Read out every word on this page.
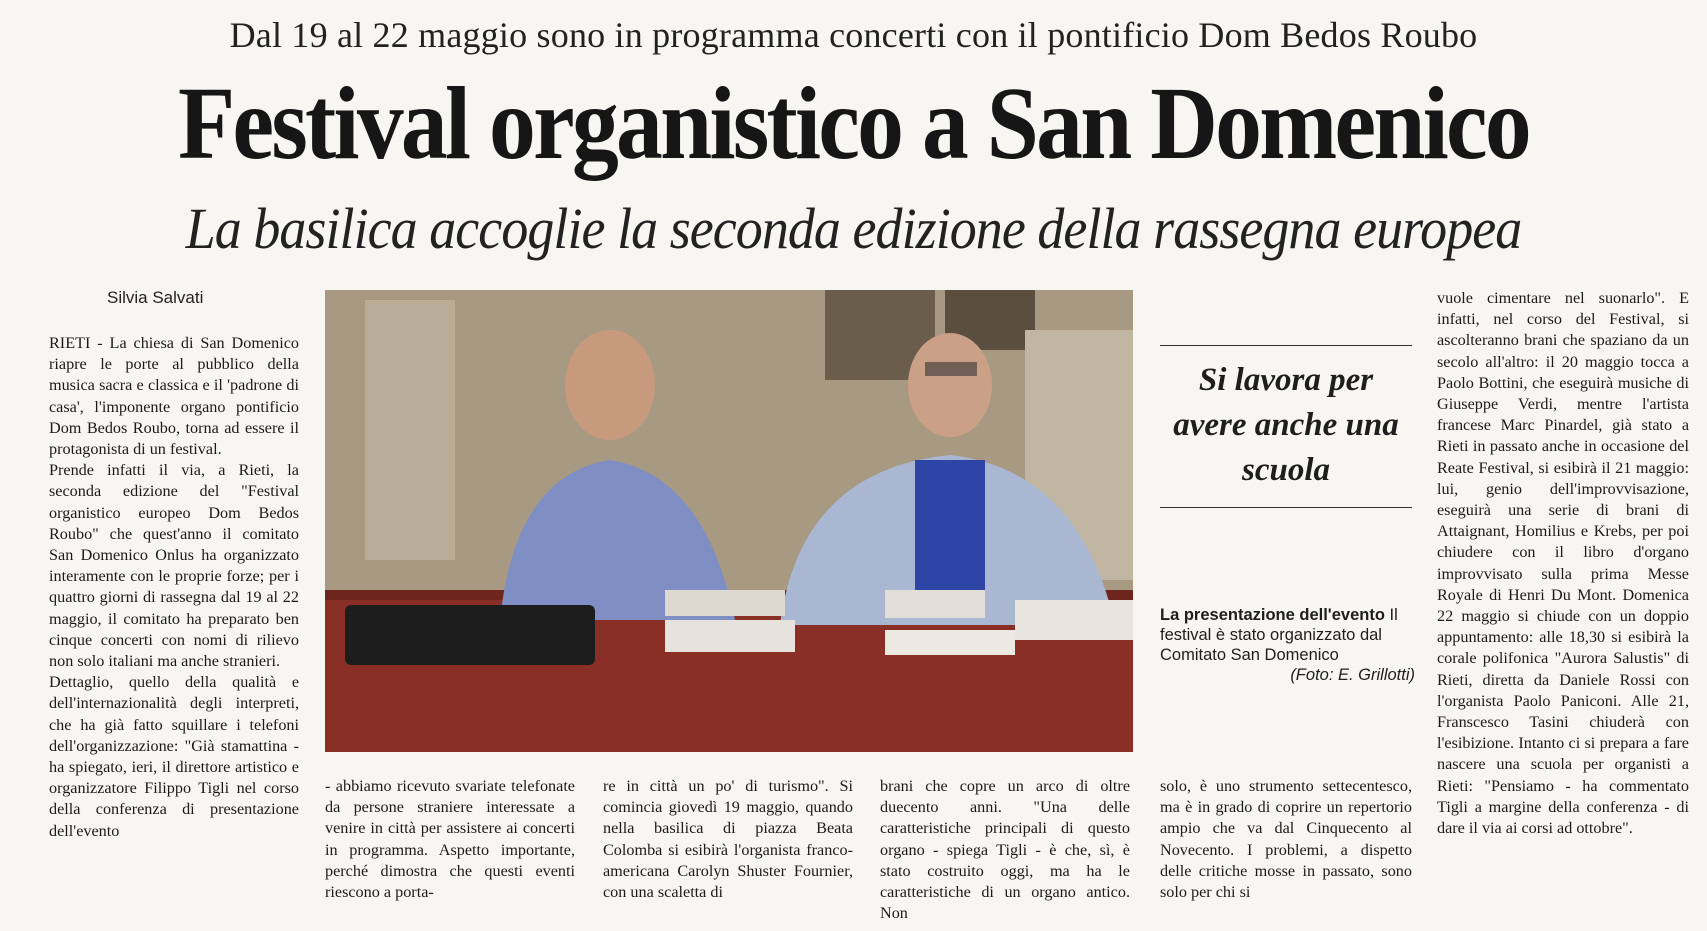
Dal 19 al 22 maggio sono in programma concerti con il pontificio Dom Bedos Roubo
Festival organistico a San Domenico
La basilica accoglie la seconda edizione della rassegna europea
Silvia Salvati
RIETI - La chiesa di San Domenico riapre le porte al pubblico della musica sacra e classica e il 'padrone di casa', l'imponente organo pontificio Dom Bedos Roubo, torna ad essere il protagonista di un festival.
Prende infatti il via, a Rieti, la seconda edizione del "Festival organistico europeo Dom Bedos Roubo" che quest'anno il comitato San Domenico Onlus ha organizzato interamente con le proprie forze; per i quattro giorni di rassegna dal 19 al 22 maggio, il comitato ha preparato ben cinque concerti con nomi di rilievo non solo italiani ma anche stranieri.
Dettaglio, quello della qualità e dell'internazionalità degli interpreti, che ha già fatto squillare i telefoni dell'organizzazione: "Già stamattina - ha spiegato, ieri, il direttore artistico e organizzatore Filippo Tigli nel corso della conferenza di presentazione dell'evento
- abbiamo ricevuto svariate telefonate da persone straniere interessate a venire in città per assistere ai concerti in programma. Aspetto importante, perché dimostra che questi eventi riescono a porta-
re in città un po' di turismo". Si comincia giovedì 19 maggio, quando nella basilica di piazza Beata Colomba si esibirà l'organista franco-americana Carolyn Shuster Fournier, con una scaletta di
brani che copre un arco di oltre duecento anni. "Una delle caratteristiche principali di questo organo - spiega Tigli - è che, sì, è stato costruito oggi, ma ha le caratteristiche di un organo antico. Non
solo, è uno strumento settecentesco, ma è in grado di coprire un repertorio ampio che va dal Cinquecento al Novecento. I problemi, a dispetto delle critiche mosse in passato, sono solo per chi si
vuole cimentare nel suonarlo". E infatti, nel corso del Festival, si ascolteranno brani che spaziano da un secolo all'altro: il 20 maggio tocca a Paolo Bottini, che eseguirà musiche di Giuseppe Verdi, mentre l'artista francese Marc Pinardel, già stato a Rieti in passato anche in occasione del Reate Festival, si esibirà il 21 maggio: lui, genio dell'improvvisazione, eseguirà una serie di brani di Attaignant, Homilius e Krebs, per poi chiudere con il libro d'organo improvvisato sulla prima Messe Royale di Henri Du Mont. Domenica 22 maggio si chiude con un doppio appuntamento: alle 18,30 si esibirà la corale polifonica "Aurora Salustis" di Rieti, diretta da Daniele Rossi con l'organista Paolo Paniconi. Alle 21, Franscesco Tasini chiuderà con l'esibizione. Intanto ci si prepara a fare nascere una scuola per organisti a Rieti: "Pensiamo - ha commentato Tigli a margine della conferenza - di dare il via ai corsi ad ottobre".
Si lavora per avere anche una scuola
La presentazione dell'evento Il festival è stato organizzato dal Comitato San Domenico
(Foto: E. Grillotti)
